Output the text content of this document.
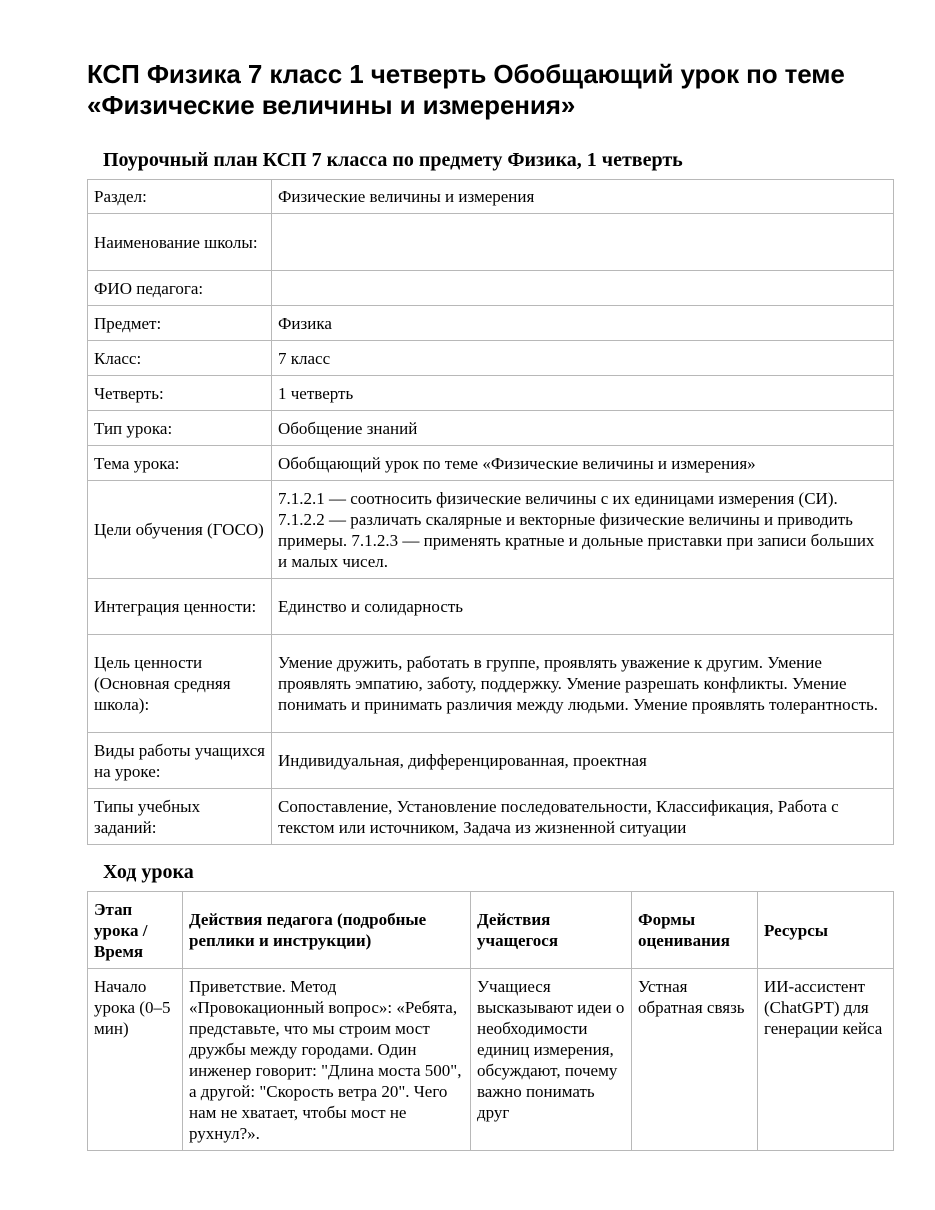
КСП Физика 7 класс 1 четверть Обобщающий урок по теме «Физические величины и измерения»
Поурочный план КСП 7 класса по предмету Физика, 1 четверть
Раздел:	Физические величины и измерения
Наименование школы:	
ФИО педагога:	
Предмет:	Физика
Класс:	7 класс
Четверть:	1 четверть
Тип урока:	Обобщение знаний
Тема урока:	Обобщающий урок по теме «Физические величины и измерения»
Цели обучения (ГОСО)	7.1.2.1 — соотносить физические величины с их единицами измерения (СИ). 7.1.2.2 — различать скалярные и векторные физические величины и приводить примеры. 7.1.2.3 — применять кратные и дольные приставки при записи больших и малых чисел.
Интеграция ценности:	Единство и солидарность
Цель ценности (Основная средняя школа):	Умение дружить, работать в группе, проявлять уважение к другим. Умение проявлять эмпатию, заботу, поддержку. Умение разрешать конфликты. Умение понимать и принимать различия между людьми. Умение проявлять толерантность.
Виды работы учащихся на уроке:	Индивидуальная, дифференцированная, проектная
Типы учебных заданий:	Сопоставление, Установление последовательности, Классификация, Работа с текстом или источником, Задача из жизненной ситуации
Ход урока
Этап урока / Время	Действия педагога (подробные реплики и инструкции)	Действия учащегося	Формы оценивания	Ресурсы
Начало урока (0–5 мин)	Приветствие. Метод «Провокационный вопрос»: «Ребята, представьте, что мы строим мост дружбы между городами. Один инженер говорит: "Длина моста 500", а другой: "Скорость ветра 20". Чего нам не хватает, чтобы мост не рухнул?».	Учащиеся высказывают идеи о необходимости единиц измерения, обсуждают, почему важно понимать друг	Устная обратная связь	ИИ-ассистент (ChatGPT) для генерации кейса
